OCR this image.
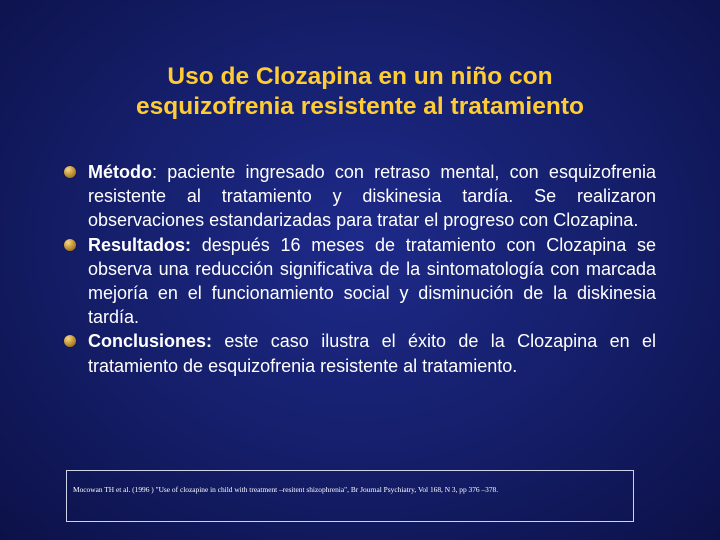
Uso de Clozapina en un niño con
esquizofrenia resistente al tratamiento
Método: paciente ingresado con retraso mental, con esquizofrenia resistente al tratamiento y diskinesia tardía. Se realizaron observaciones estandarizadas para tratar el progreso con Clozapina.
Resultados: después 16 meses de tratamiento con Clozapina se observa una reducción significativa de la sintomatología con marcada mejoría en el funcionamiento social y disminución de la diskinesia tardía.
Conclusiones: este caso ilustra el éxito de la Clozapina en el tratamiento de esquizofrenia resistente al tratamiento.
Mocowan TH et al. (1996 ) "Use of clozapine in child with treatment –resitent shizophrenia", Br Journal Psychiatry, Vol 168, N 3, pp 376 –378.
